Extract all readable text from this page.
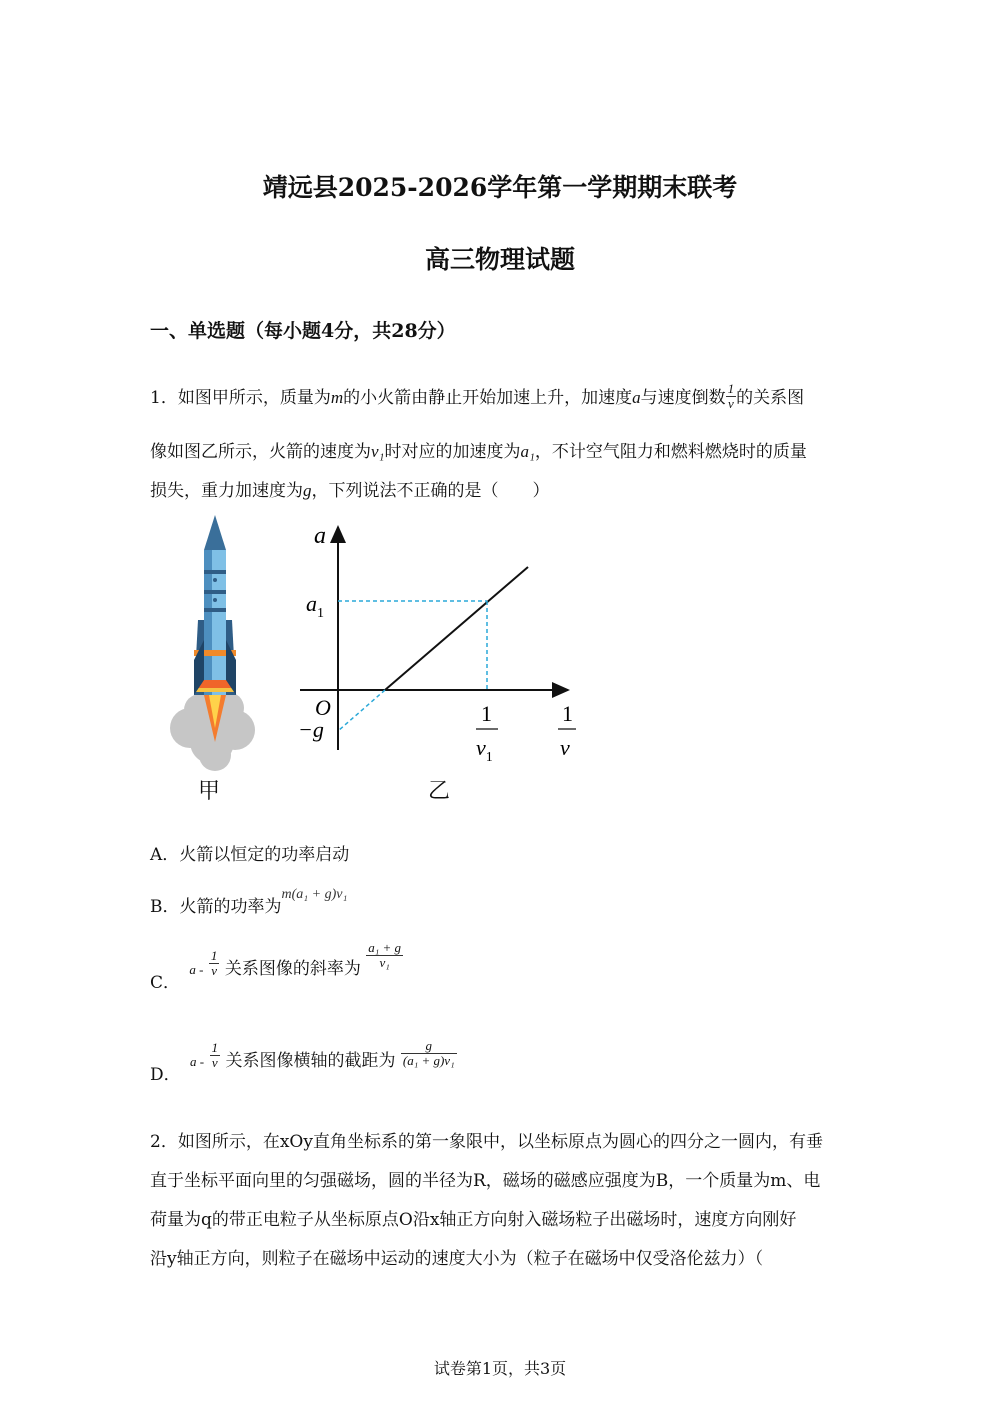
靖远县2025-2026学年第一学期期末联考
高三物理试题
一、单选题（每小题4分，共28分）
1．如图甲所示，质量为m的小火箭由静止开始加速上升，加速度a与速度倒数 $\frac{1}{v}$ 的关系图
像如图乙所示，火箭的速度为v₁时对应的加速度为a₁，不计空气阻力和燃料燃烧时的质量
损失，重力加速度为g，下列说法不正确的是（　　）
甲
a
$a_1$
O
−g
1
$v_1$
1
v
乙
A．火箭以恒定的功率启动
B．火箭的功率为$^{m(a_1 + g)v_1}$
C． $_{a -} \frac{1}{v}$ 关系图像的斜率为 $\frac{\text{a₁ + g}}{\text{v₁}}$
D． $_{a -} \frac{1}{v}$ 关系图像横轴的截距为 $\frac{g}{\text{(a₁ + g)v₁}}$
2．如图所示，在xOy直角坐标系的第一象限中，以坐标原点为圆心的四分之一圆内，有垂
直于坐标平面向里的匀强磁场，圆的半径为R，磁场的磁感应强度为B，一个质量为m、电
荷量为q的带正电粒子从坐标原点O沿x轴正方向射入磁场粒子出磁场时，速度方向刚好
沿y轴正方向，则粒子在磁场中运动的速度大小为（粒子在磁场中仅受洛伦兹力）（
试卷第1页，共3页
